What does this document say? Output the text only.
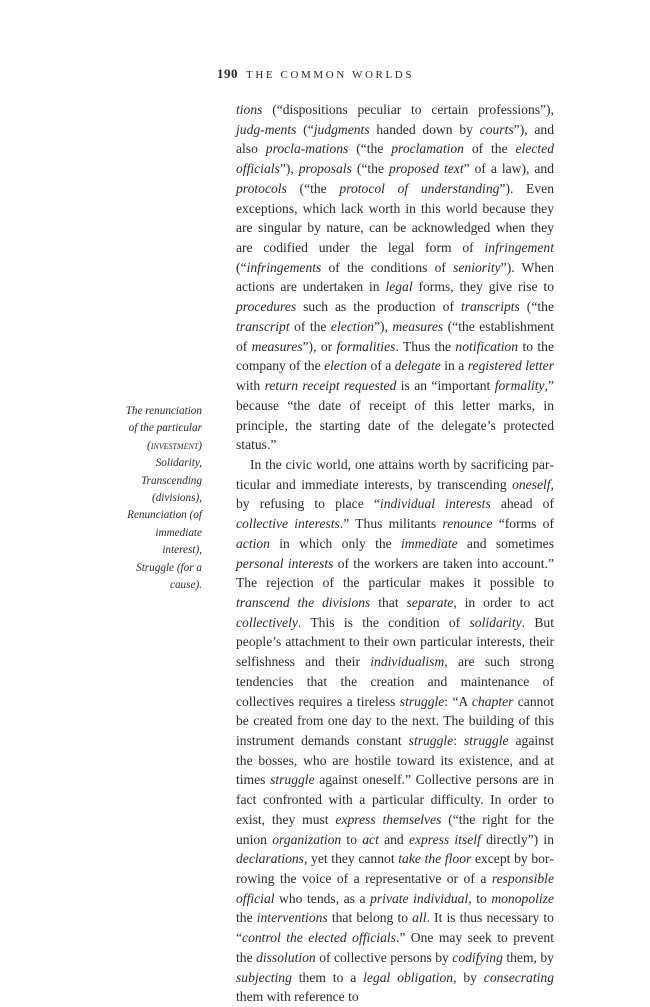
190 THE COMMON WORLDS
The renunciation
of the particular
(investment)
Solidarity,
Transcending
(divisions),
Renunciation (of
immediate
interest),
Struggle (for a
cause).

tions (“dispositions peculiar to certain professions”), judg-ments (“judgments handed down by courts”), and also procla-mations (“the proclamation of the elected officials”), proposals (“the proposed text” of a law), and protocols (“the protocol of understanding”). Even exceptions, which lack worth in this world because they are singular by nature, can be acknowledged when they are codified under the legal form of infringement (“infringements of the conditions of seniority”). When actions are undertaken in legal forms, they give rise to procedures such as the production of transcripts (“the transcript of the election”), measures (“the establishment of measures”), or formalities. Thus the notification to the company of the election of a delegate in a registered letter with return receipt requested is an “important formality,” because “the date of receipt of this letter marks, in principle, the starting date of the delegate’s protected status.”

In the civic world, one attains worth by sacrificing particular and immediate interests, by transcending oneself, by refusing to place “individual interests ahead of collective interests.” Thus militants renounce “forms of action in which only the immediate and sometimes personal interests of the workers are taken into account.” The rejection of the particular makes it possible to transcend the divisions that separate, in order to act collectively. This is the condition of solidarity. But people’s attachment to their own particular interests, their selfishness and their individualism, are such strong tendencies that the creation and maintenance of collectives requires a tireless struggle: “A chapter cannot be created from one day to the next. The building of this instrument demands constant struggle: struggle against the bosses, who are hostile toward its existence, and at times struggle against oneself.” Collective persons are in fact confronted with a particular difficulty. In order to exist, they must express themselves (“the right for the union organization to act and express itself directly”) in declarations, yet they cannot take the floor except by borrowing the voice of a representative or of a responsible official who tends, as a private individual, to monopolize the interventions that belong to all. It is thus necessary to “control the elected officials.” One may seek to prevent the dissolution of collective persons by codifying them, by subjecting them to a legal obligation, by consecrating them with reference to
